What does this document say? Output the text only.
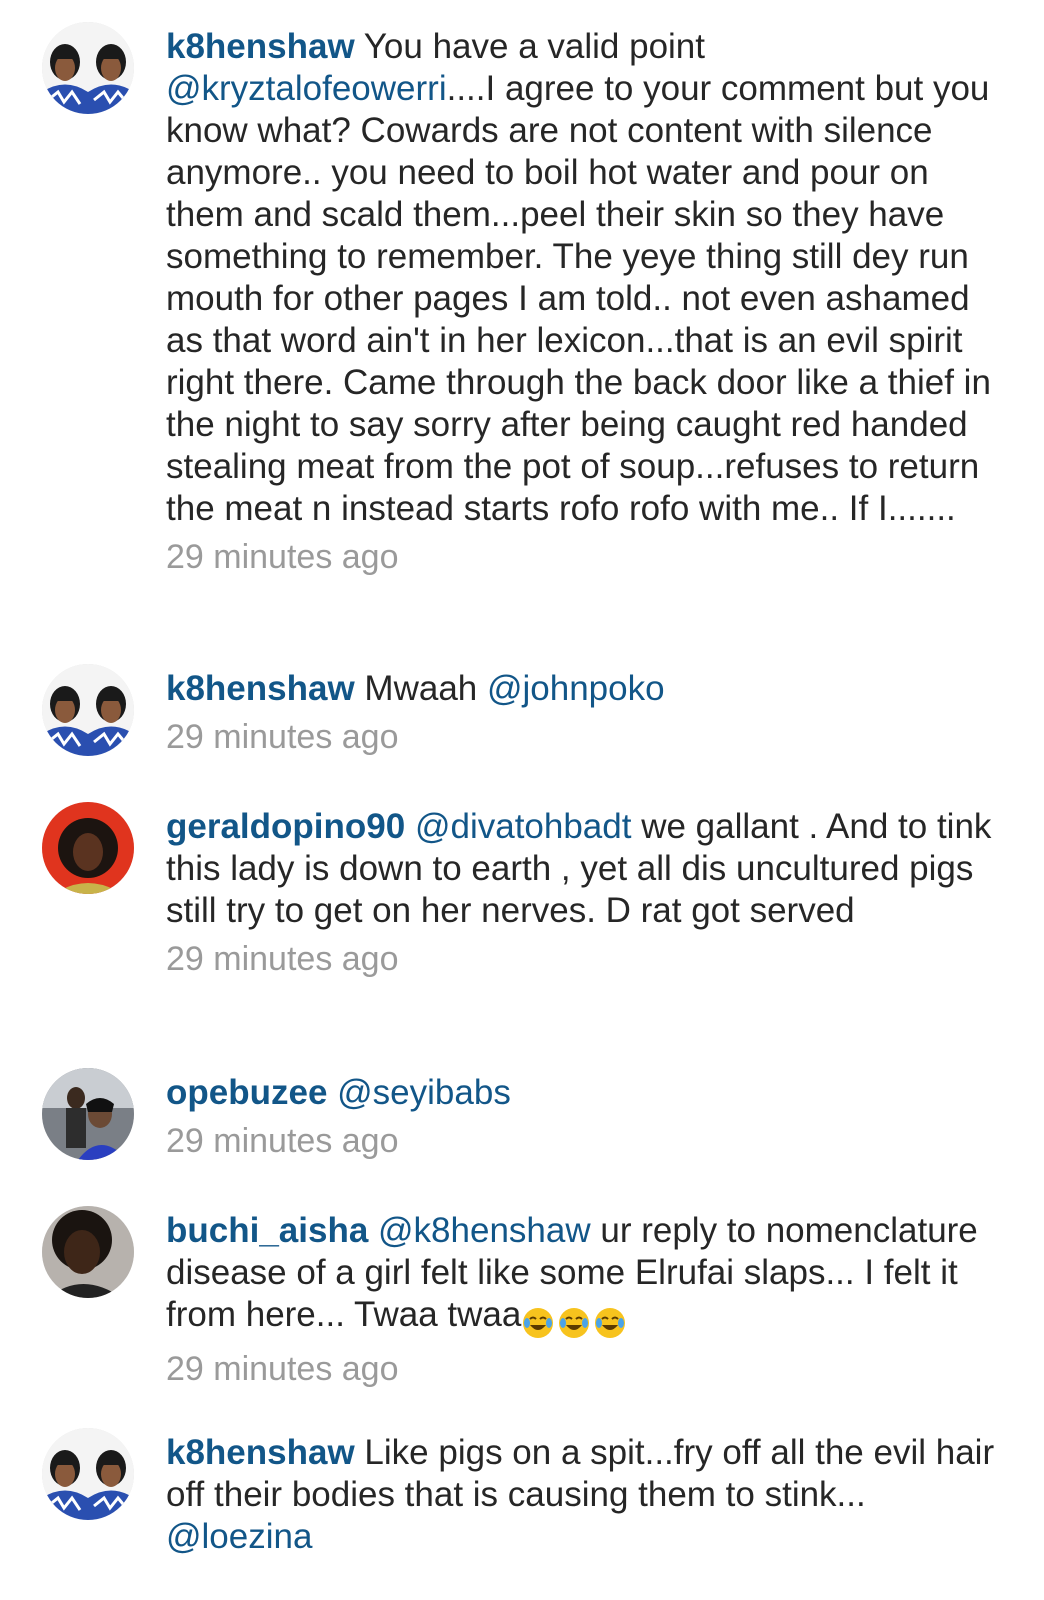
k8henshaw You have a valid point @kryztalofeowerri....I agree to your comment but you know what? Cowards are not content with silence anymore.. you need to boil hot water and pour on them and scald them...peel their skin so they have something to remember. The yeye thing still dey run mouth for other pages I am told.. not even ashamed as that word ain't in her lexicon...that is an evil spirit right there. Came through the back door like a thief in the night to say sorry after being caught red handed stealing meat from the pot of soup...refuses to return the meat n instead starts rofo rofo with me.. If I.......
29 minutes ago
k8henshaw Mwaah @johnpoko
29 minutes ago
geraldopino90 @divatohbadt we gallant . And to tink this lady is down to earth , yet all dis uncultured pigs still try to get on her nerves. D rat got served
29 minutes ago
opebuzee @seyibabs
29 minutes ago
buchi_aisha @k8henshaw ur reply to nomenclature disease of a girl felt like some Elrufai slaps... I felt it from here... Twaa twaa
29 minutes ago
k8henshaw Like pigs on a spit...fry off all the evil hair off their bodies that is causing them to stink... @loezina
